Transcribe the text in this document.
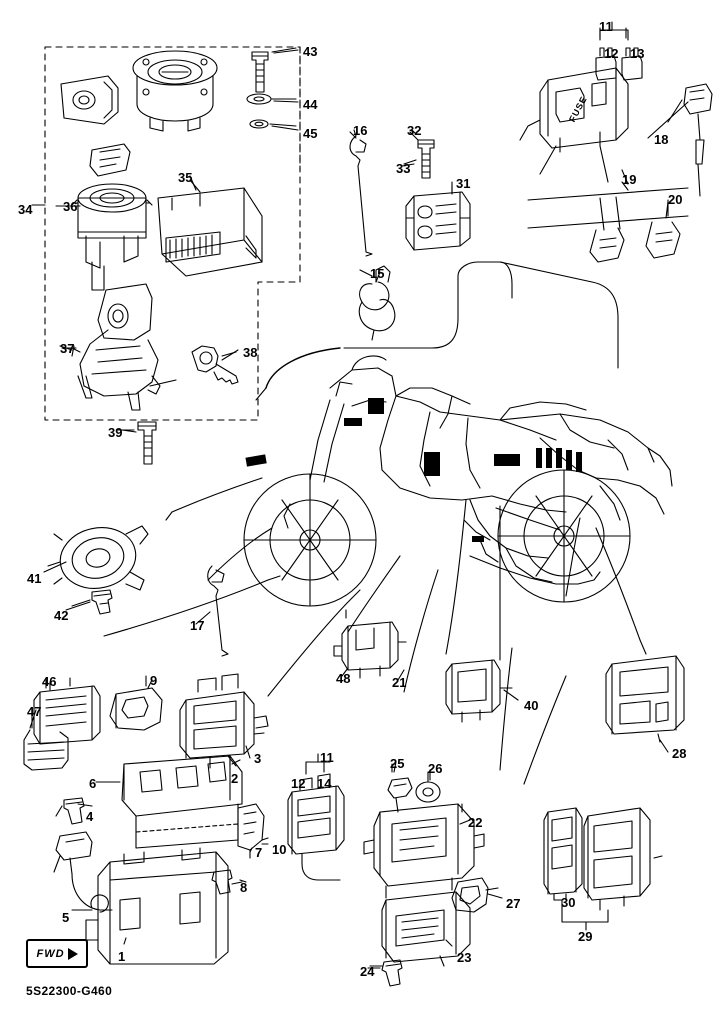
FUSE
FWD
5S22300-G460
1
2
3
4
5
6
7
8
9
10
11
12 13
11
12 14
15
16
17
18
19
20
21
22
23
24
25 26
27
28
29
30
31
32
33
34
35
36
37	38
39
40
41
42
43
44
45
46
47
48
